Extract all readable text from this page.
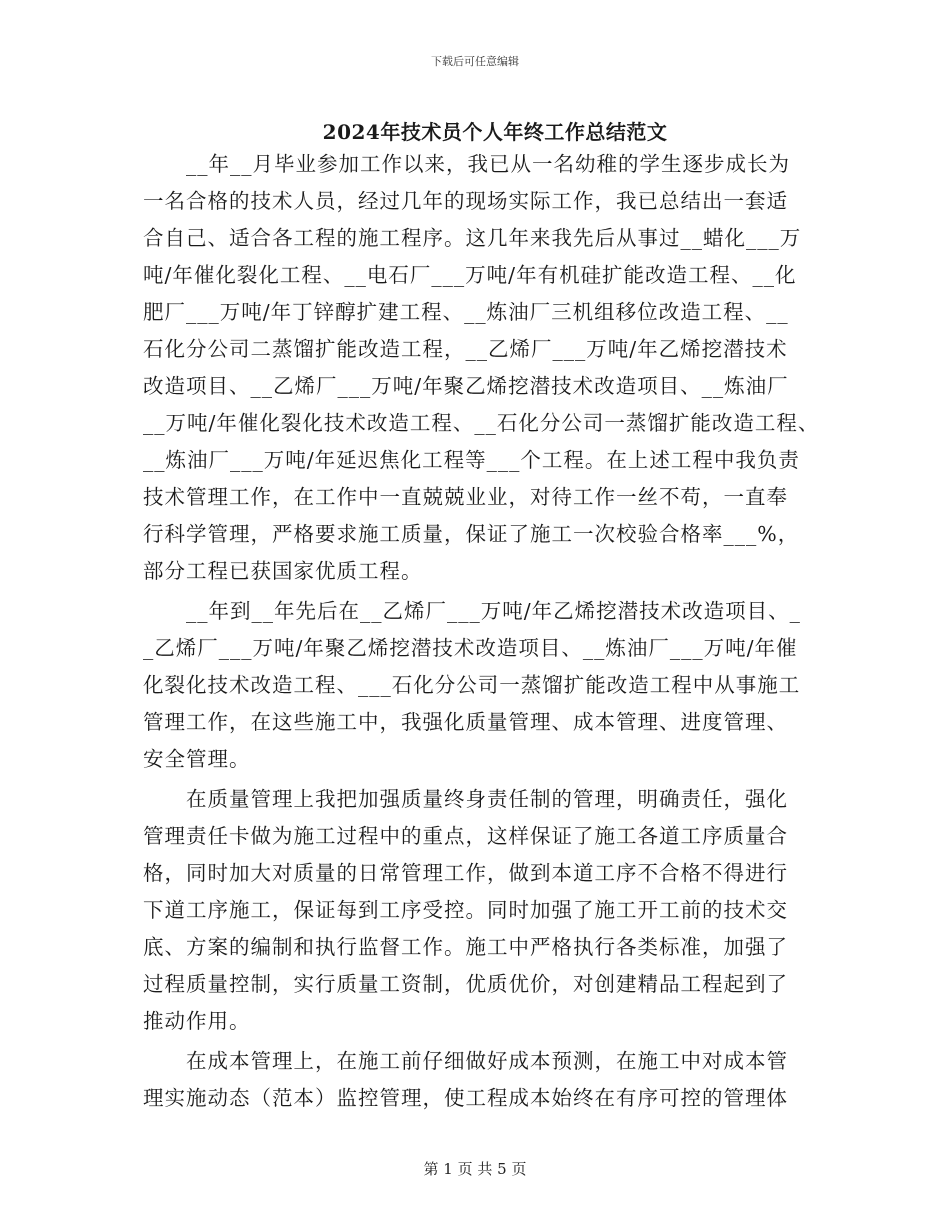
下载后可任意编辑
2024年技术员个人年终工作总结范文
　　__年__月毕业参加工作以来，我已从一名幼稚的学生逐步成长为
一名合格的技术人员，经过几年的现场实际工作，我已总结出一套适
合自己、适合各工程的施工程序。这几年来我先后从事过__蜡化___万
吨/年催化裂化工程、__电石厂___万吨/年有机硅扩能改造工程、__化
肥厂___万吨/年丁锌醇扩建工程、__炼油厂三机组移位改造工程、__
石化分公司二蒸馏扩能改造工程，__乙烯厂___万吨/年乙烯挖潜技术
改造项目、__乙烯厂___万吨/年聚乙烯挖潜技术改造项目、__炼油厂
__万吨/年催化裂化技术改造工程、__石化分公司一蒸馏扩能改造工程、
__炼油厂___万吨/年延迟焦化工程等___个工程。在上述工程中我负责
技术管理工作，在工作中一直兢兢业业，对待工作一丝不苟，一直奉
行科学管理，严格要求施工质量，保证了施工一次校验合格率___%，
部分工程已获国家优质工程。
　　__年到__年先后在__乙烯厂___万吨/年乙烯挖潜技术改造项目、_
_乙烯厂___万吨/年聚乙烯挖潜技术改造项目、__炼油厂___万吨/年催
化裂化技术改造工程、___石化分公司一蒸馏扩能改造工程中从事施工
管理工作，在这些施工中，我强化质量管理、成本管理、进度管理、
安全管理。
　　在质量管理上我把加强质量终身责任制的管理，明确责任，强化
管理责任卡做为施工过程中的重点，这样保证了施工各道工序质量合
格，同时加大对质量的日常管理工作，做到本道工序不合格不得进行
下道工序施工，保证每到工序受控。同时加强了施工开工前的技术交
底、方案的编制和执行监督工作。施工中严格执行各类标准，加强了
过程质量控制，实行质量工资制，优质优价，对创建精品工程起到了
推动作用。
　　在成本管理上，在施工前仔细做好成本预测，在施工中对成本管
理实施动态（范本）监控管理，使工程成本始终在有序可控的管理体
第 1 页 共 5 页
